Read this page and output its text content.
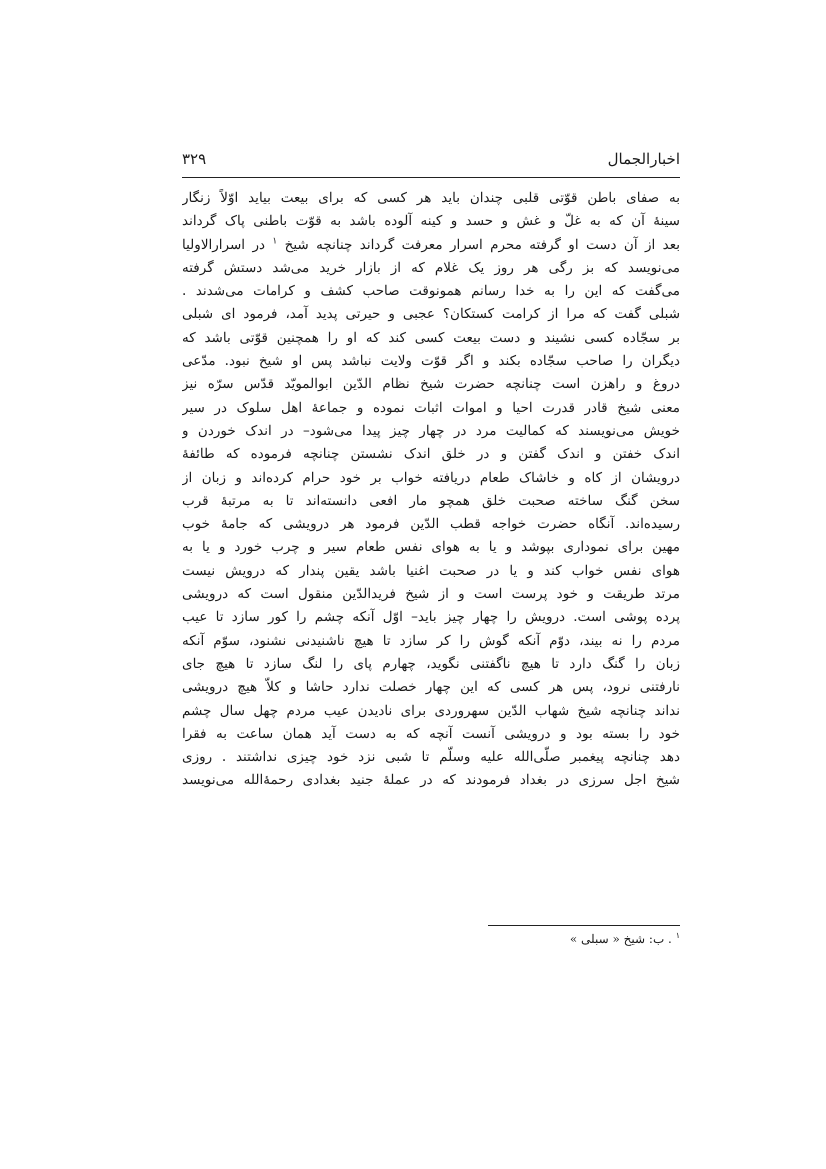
اخبارالجمال
۳۲۹
به صفای باطن قوّتی قلبی چندان باید هر کسی که برای بیعت بیاید اوّلاً زنگار
سینهٔ آن که به غلّ و غش و حسد و کینه آلوده باشد به قوّت باطنی پاک گرداند
بعد از آن دست او گرفته محرم اسرار معرفت گرداند چنانچه شیخ $^۱$ در اسرارالاولیا
می‌نویسد که بز رگی هر روز یک غلام که از بازار خرید می‌شد دستش گرفته
می‌گفت که این را به خدا رسانم همونوقت صاحب کشف و کرامات می‌شدند .
شبلی گفت که مرا از کرامت کستکان؟ عجبی و حیرتی پدید آمد، فرمود ای شبلی
بر سجّاده کسی نشیند و دست بیعت کسی کند که او را همچنین قوّتی باشد که
دیگران را صاحب سجّاده بکند و اگر قوّت ولایت نباشد پس او شیخ نبود. مدّعی
دروغ و راهزن است چنانچه حضرت شیخ نظام الدّین ابوالمویّد قدّس سرّه نیز
معنی شیخ قادر قدرت احیا و اموات اثبات نموده و جماعهٔ اهل سلوک در سیر
خویش می‌نویسند که کمالیت مرد در چهار چیز پیدا می‌شود– در اندک خوردن و
اندک خفتن و اندک گفتن و در خلق اندک نشستن چنانچه فرموده که طائفهٔ
درویشان از کاه و خاشاک طعام دریافته خواب بر خود حرام کرده‌اند و زبان از
سخن گنگ ساخته صحبت خلق همچو مار افعی دانسته‌اند تا به مرتبهٔ قرب
رسیده‌اند. آنگاه حضرت خواجه قطب الدّین فرمود هر درویشی که جامهٔ خوب
مهین برای نموداری بپوشد و یا به هوای نفس طعام سیر و چرب خورد و یا به
هوای نفس خواب کند و یا در صحبت اغنیا باشد یقین پندار که درویش نیست
مرتد طریقت و خود پرست است و از شیخ فریدالدّین منقول است که درویشی
پرده پوشی است. درویش را چهار چیز باید– اوّل آنکه چشم را کور سازد تا عیب
مردم را نه بیند، دوّم آنکه گوش را کر سازد تا هیچ ناشنیدنی نشنود، سوّم آنکه
زبان را گنگ دارد تا هیچ ناگفتنی نگوید، چهارم پای را لنگ سازد تا هیچ جای
نارفتنی نرود، پس هر کسی که این چهار خصلت ندارد حاشا و کلاّ هیچ درویشی
نداند چنانچه شیخ شهاب الدّین سهروردی برای نادیدن عیب مردم چهل سال چشم
خود را بسته بود و درویشی آنست آنچه که به دست آید همان ساعت به فقرا
دهد چنانچه پیغمبر صلّی‌الله علیه وسلّم تا شبی نزد خود چیزی نداشتند . روزی
شیخ اجل سرزی در بغداد فرمودند که در عملهٔ جنید بغدادی رحمهٔ‌الله می‌نویسد
$^۱$ . ب: شیخ « سبلی »
